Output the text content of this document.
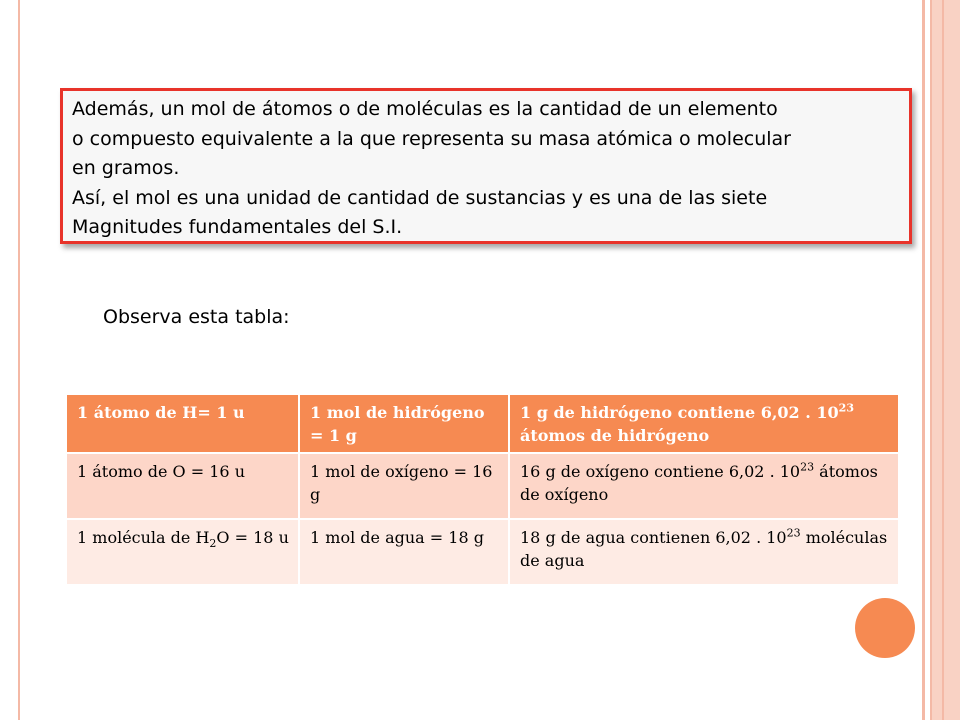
Además, un mol de átomos o de moléculas es la cantidad de un elemento

o compuesto equivalente a la que representa su masa atómica o molecular

en gramos.

Así, el mol es una unidad de cantidad de sustancias y es una de las siete

Magnitudes fundamentales del S.I.

Observa esta tabla:
1 átomo de H= 1 u	1 mol de hidrógeno = 1 g	1 g de hidrógeno contiene 6,02 . $10^{23}$ átomos de hidrógeno
1 átomo de O = 16 u	1 mol de oxígeno = 16 g	16 g de oxígeno contiene 6,02 . $10^{23}$ átomos de oxígeno
1 molécula de $H_2O = 18$ u	1 mol de agua = 18 g	18 g de agua contienen 6,02 . $10^{23}$ moléculas de agua
